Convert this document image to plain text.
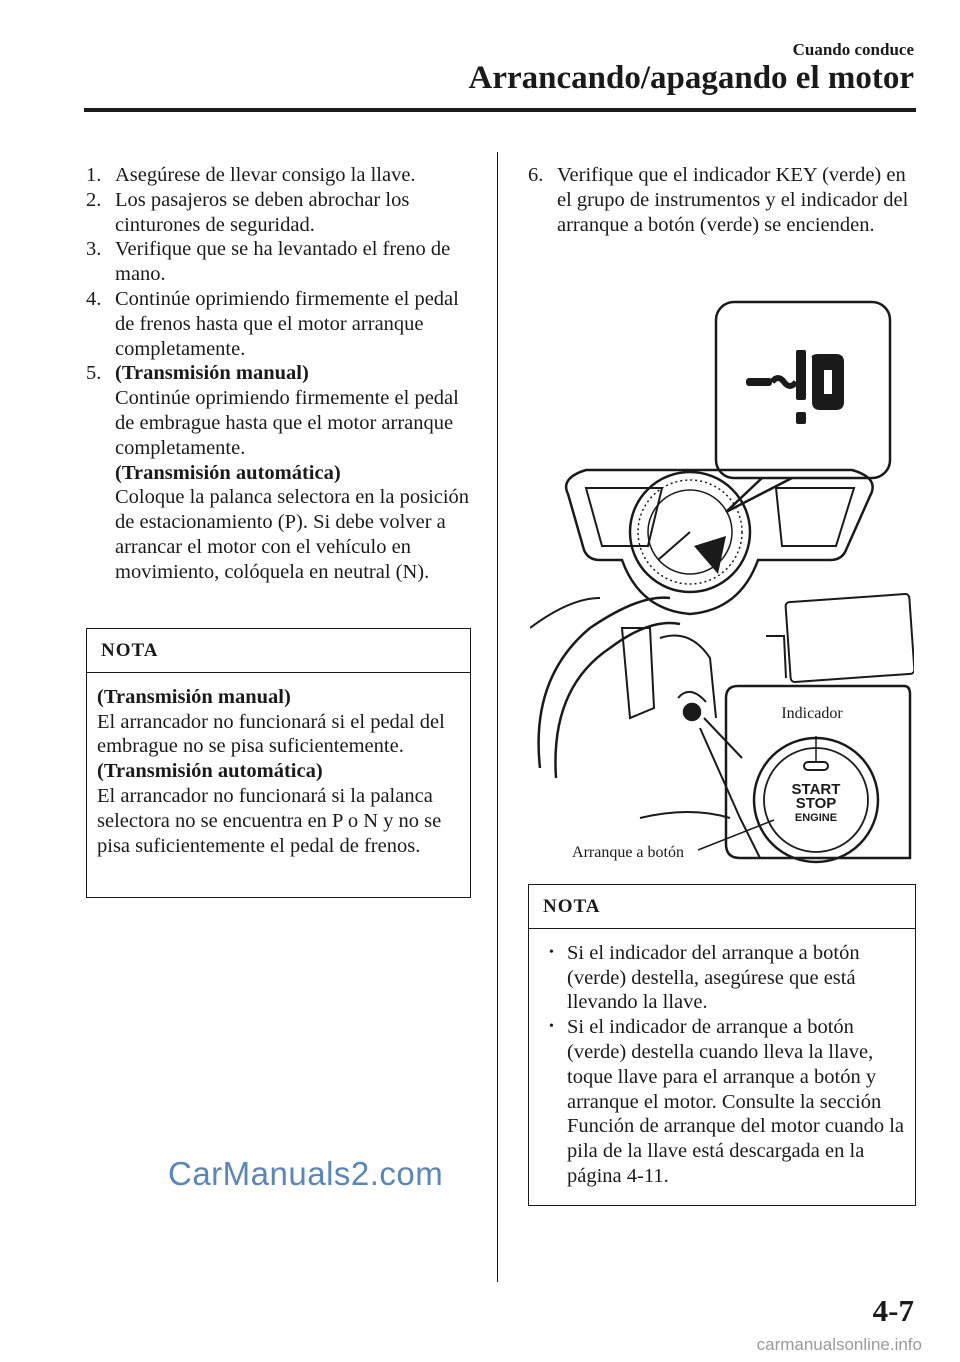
Cuando conduce
Arrancando/apagando el motor

1. Asegúrese de llevar consigo la llave.

2. Los pasajeros se deben abrochar los cinturones de seguridad.

3. Verifique que se ha levantado el freno de mano.

4. Continúe oprimiendo firmemente el pedal de frenos hasta que el motor arranque completamente.

5. (Transmisión manual)
Continúe oprimiendo firmemente el pedal de embrague hasta que el motor arranque completamente.
(Transmisión automática)
Coloque la palanca selectora en la posición de estacionamiento (P). Si debe volver a arrancar el motor con el vehículo en movimiento, colóquela en neutral (N).

NOTA
(Transmisión manual)
El arrancador no funcionará si el pedal del embrague no se pisa suficientemente.
(Transmisión automática)
El arrancador no funcionará si la palanca selectora no se encuentra en P o N y no se pisa suficientemente el pedal de frenos.

6. Verifique que el indicador KEY (verde) en el grupo de instrumentos y el indicador del arranque a botón (verde) se encienden.

START
STOP
ENGINE
Indicador
Arranque a botón
NOTA
• Si el indicador del arranque a botón (verde) destella, asegúrese que está llevando la llave.
• Si el indicador de arranque a botón (verde) destella cuando lleva la llave, toque llave para el arranque a botón y arranque el motor. Consulte la sección Función de arranque del motor cuando la pila de la llave está descargada en la página 4-11.
CarManuals2.com
4-7
carmanualsonline.info
